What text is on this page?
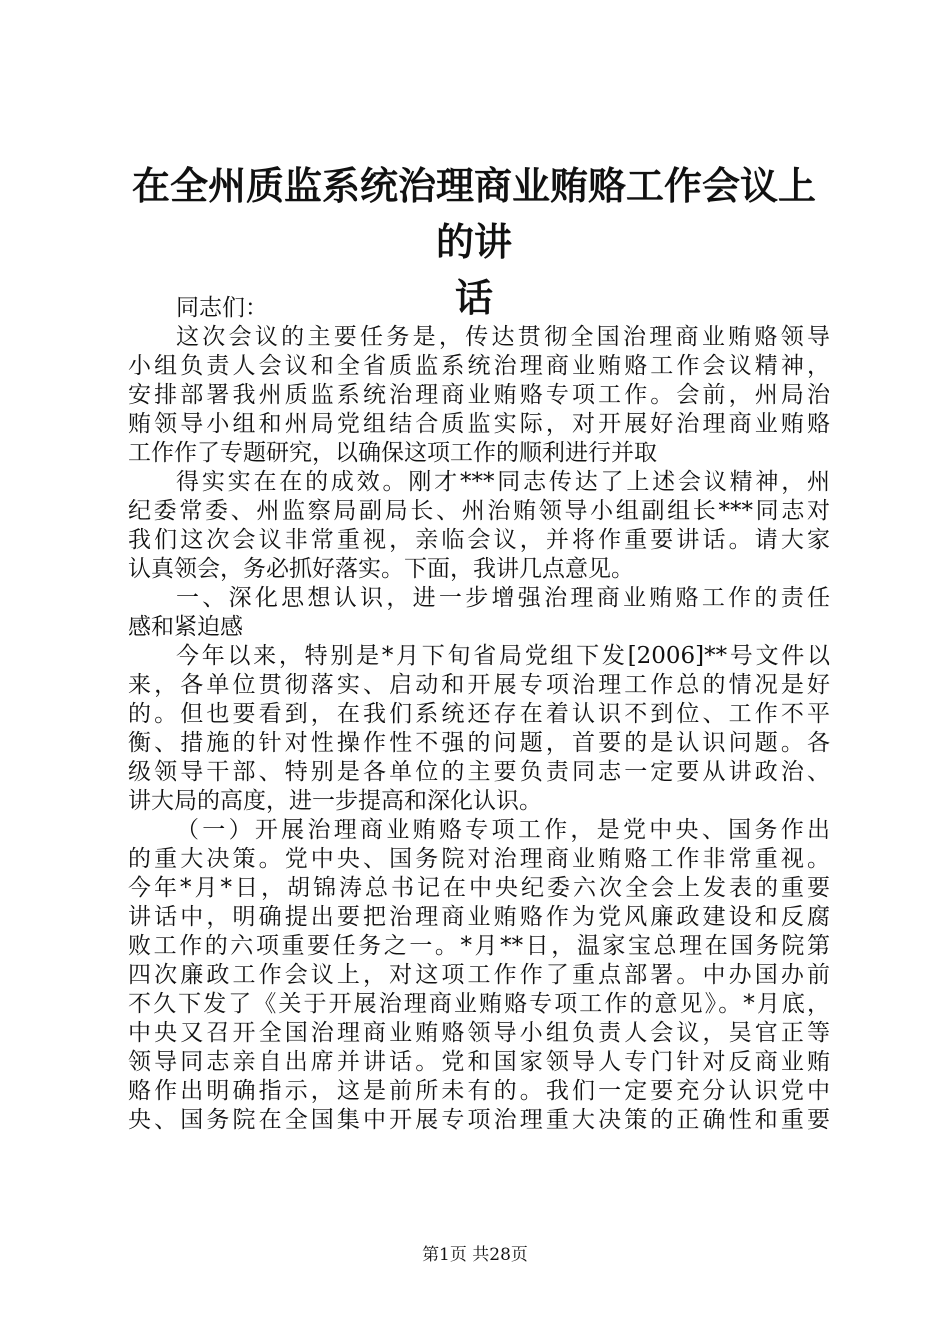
在全州质监系统治理商业贿赂工作会议上的讲
话
同志们：
这次会议的主要任务是，传达贯彻全国治理商业贿赂领导
小组负责人会议和全省质监系统治理商业贿赂工作会议精神，
安排部署我州质监系统治理商业贿赂专项工作。会前，州局治
贿领导小组和州局党组结合质监实际，对开展好治理商业贿赂
工作作了专题研究，以确保这项工作的顺利进行并取
得实实在在的成效。刚才***同志传达了上述会议精神，州
纪委常委、州监察局副局长、州治贿领导小组副组长***同志对
我们这次会议非常重视，亲临会议，并将作重要讲话。请大家
认真领会，务必抓好落实。下面，我讲几点意见。
一、深化思想认识，进一步增强治理商业贿赂工作的责任
感和紧迫感
今年以来，特别是*月下旬省局党组下发[2006]**号文件以
来，各单位贯彻落实、启动和开展专项治理工作总的情况是好
的。但也要看到，在我们系统还存在着认识不到位、工作不平
衡、措施的针对性操作性不强的问题，首要的是认识问题。各
级领导干部、特别是各单位的主要负责同志一定要从讲政治、
讲大局的高度，进一步提高和深化认识。
（一）开展治理商业贿赂专项工作，是党中央、国务作出
的重大决策。党中央、国务院对治理商业贿赂工作非常重视。
今年*月*日，胡锦涛总书记在中央纪委六次全会上发表的重要
讲话中，明确提出要把治理商业贿赂作为党风廉政建设和反腐
败工作的六项重要任务之一。*月**日，温家宝总理在国务院第
四次廉政工作会议上，对这项工作作了重点部署。中办国办前
不久下发了《关于开展治理商业贿赂专项工作的意见》。*月底，
中央又召开全国治理商业贿赂领导小组负责人会议，吴官正等
领导同志亲自出席并讲话。党和国家领导人专门针对反商业贿
赂作出明确指示，这是前所未有的。我们一定要充分认识党中
央、国务院在全国集中开展专项治理重大决策的正确性和重要
第1页 共28页
